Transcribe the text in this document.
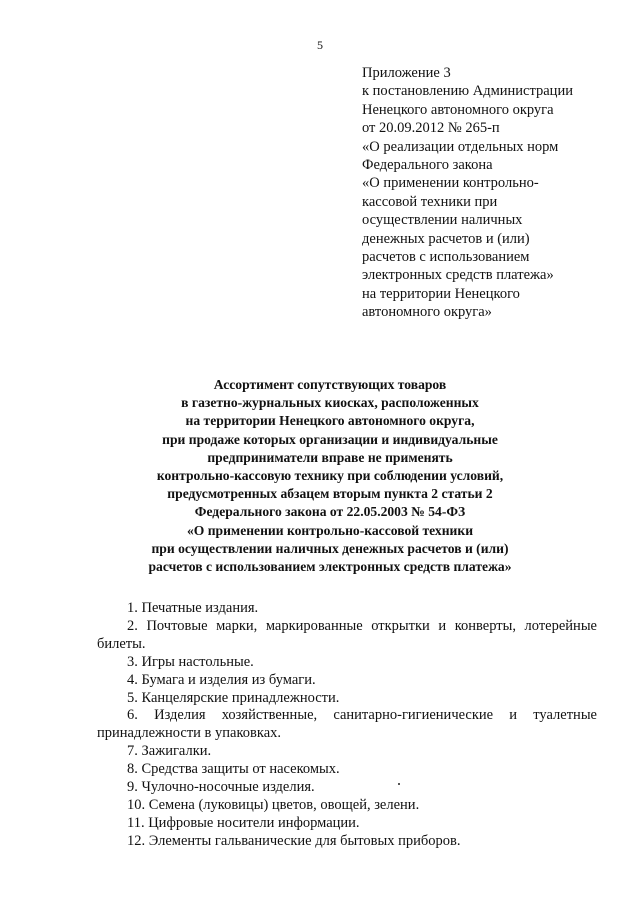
5
Приложение 3
к постановлению Администрации
Ненецкого автономного округа
от 20.09.2012 № 265-п
«О реализации отдельных норм
Федерального закона
«О применении контрольно-
кассовой техники при
осуществлении наличных
денежных расчетов и (или)
расчетов с использованием
электронных средств платежа»
на территории Ненецкого
автономного округа»
Ассортимент сопутствующих товаров
в газетно-журнальных киосках, расположенных
на территории Ненецкого автономного округа,
при продаже которых организации и индивидуальные
предприниматели вправе не применять
контрольно-кассовую технику при соблюдении условий,
предусмотренных абзацем вторым пункта 2 статьи 2
Федерального закона от 22.05.2003 № 54-ФЗ
«О применении контрольно-кассовой техники
при осуществлении наличных денежных расчетов и (или)
расчетов с использованием электронных средств платежа»
1. Печатные издания.
2. Почтовые марки, маркированные открытки и конверты, лотерейные
билеты.
3. Игры настольные.
4. Бумага и изделия из бумаги.
5. Канцелярские принадлежности.
6. Изделия хозяйственные, санитарно-гигиенические и туалетные
принадлежности в упаковках.
7. Зажигалки.
8. Средства защиты от насекомых.
9. Чулочно-носочные изделия.
10. Семена (луковицы) цветов, овощей, зелени.
11. Цифровые носители информации.
12. Элементы гальванические для бытовых приборов.
